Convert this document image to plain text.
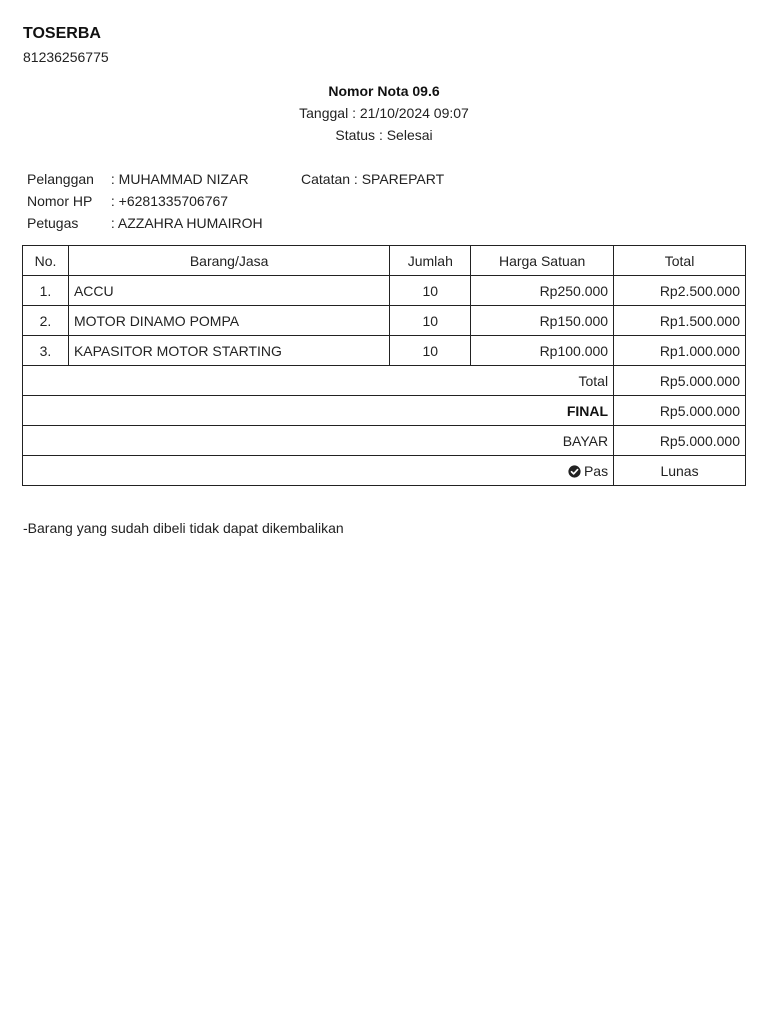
TOSERBA
81236256775
Nomor Nota 09.6
Tanggal : 21/10/2024 09:07
Status : Selesai
Pelanggan : MUHAMMAD NIZAR
Nomor HP : +6281335706767
Petugas : AZZAHRA HUMAIROH
Catatan : SPAREPART
No.	Barang/Jasa	Jumlah	Harga Satuan	Total
1.	ACCU	10	Rp250.000	Rp2.500.000
2.	MOTOR DINAMO POMPA	10	Rp150.000	Rp1.500.000
3.	KAPASITOR MOTOR STARTING	10	Rp100.000	Rp1.000.000
Total				Rp5.000.000
FINAL				Rp5.000.000
BAYAR				Rp5.000.000
Pas				Lunas
-Barang yang sudah dibeli tidak dapat dikembalikan
